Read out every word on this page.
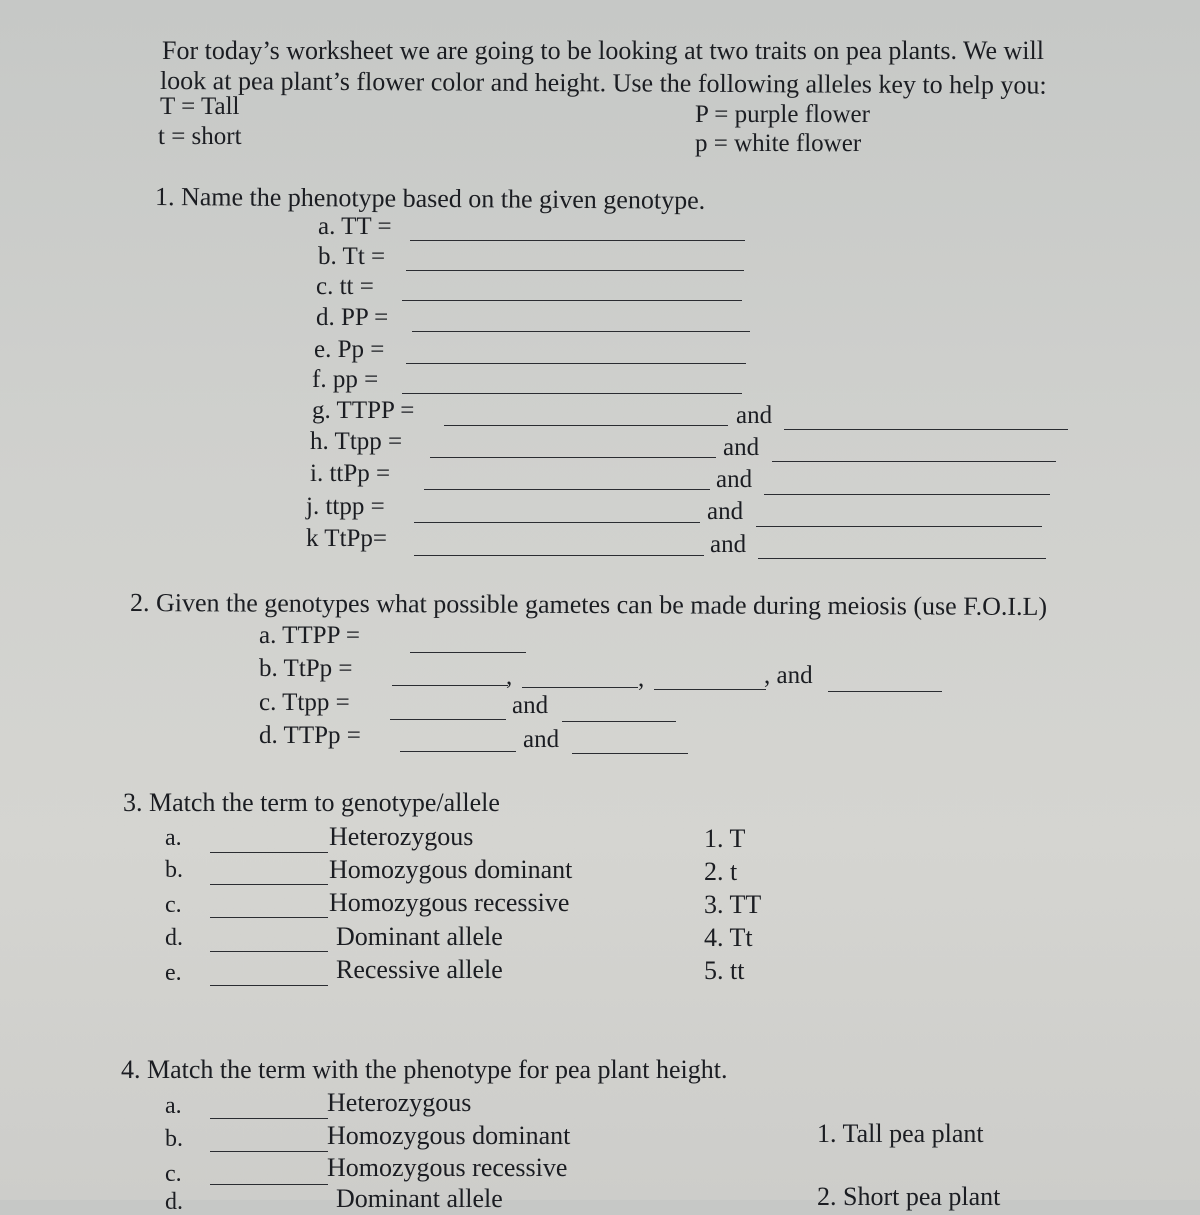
For today’s worksheet we are going to be looking at two traits on pea plants. We will
look at pea plant’s flower color and height. Use the following alleles key to help you:
T = Tall
t = short
P = purple flower
p = white flower
1. Name the phenotype based on the given genotype.
a. TT =
b. Tt =
c. tt =
d. PP =
e. Pp =
f. pp =
g. TTPP =	and
h. Ttpp =	and
i. ttPp =	and
j. ttpp =	and
k TtPp=	and
2. Given the genotypes what possible gametes can be made during meiosis (use F.O.I.L)
a. TTPP =
b. TtPp =	,	,	, and
c. Ttpp =	and
d. TTPp =	and
3. Match the term to genotype/allele
a.	Heterozygous
b.	Homozygous dominant
c.	Homozygous recessive
d.	Dominant allele
e.	Recessive allele
1. T
2. t
3. TT
4. Tt
5. tt
4. Match the term with the phenotype for pea plant height.
a.	Heterozygous
b.	Homozygous dominant
c.	Homozygous recessive
d.	Dominant allele
1. Tall pea plant
2. Short pea plant
